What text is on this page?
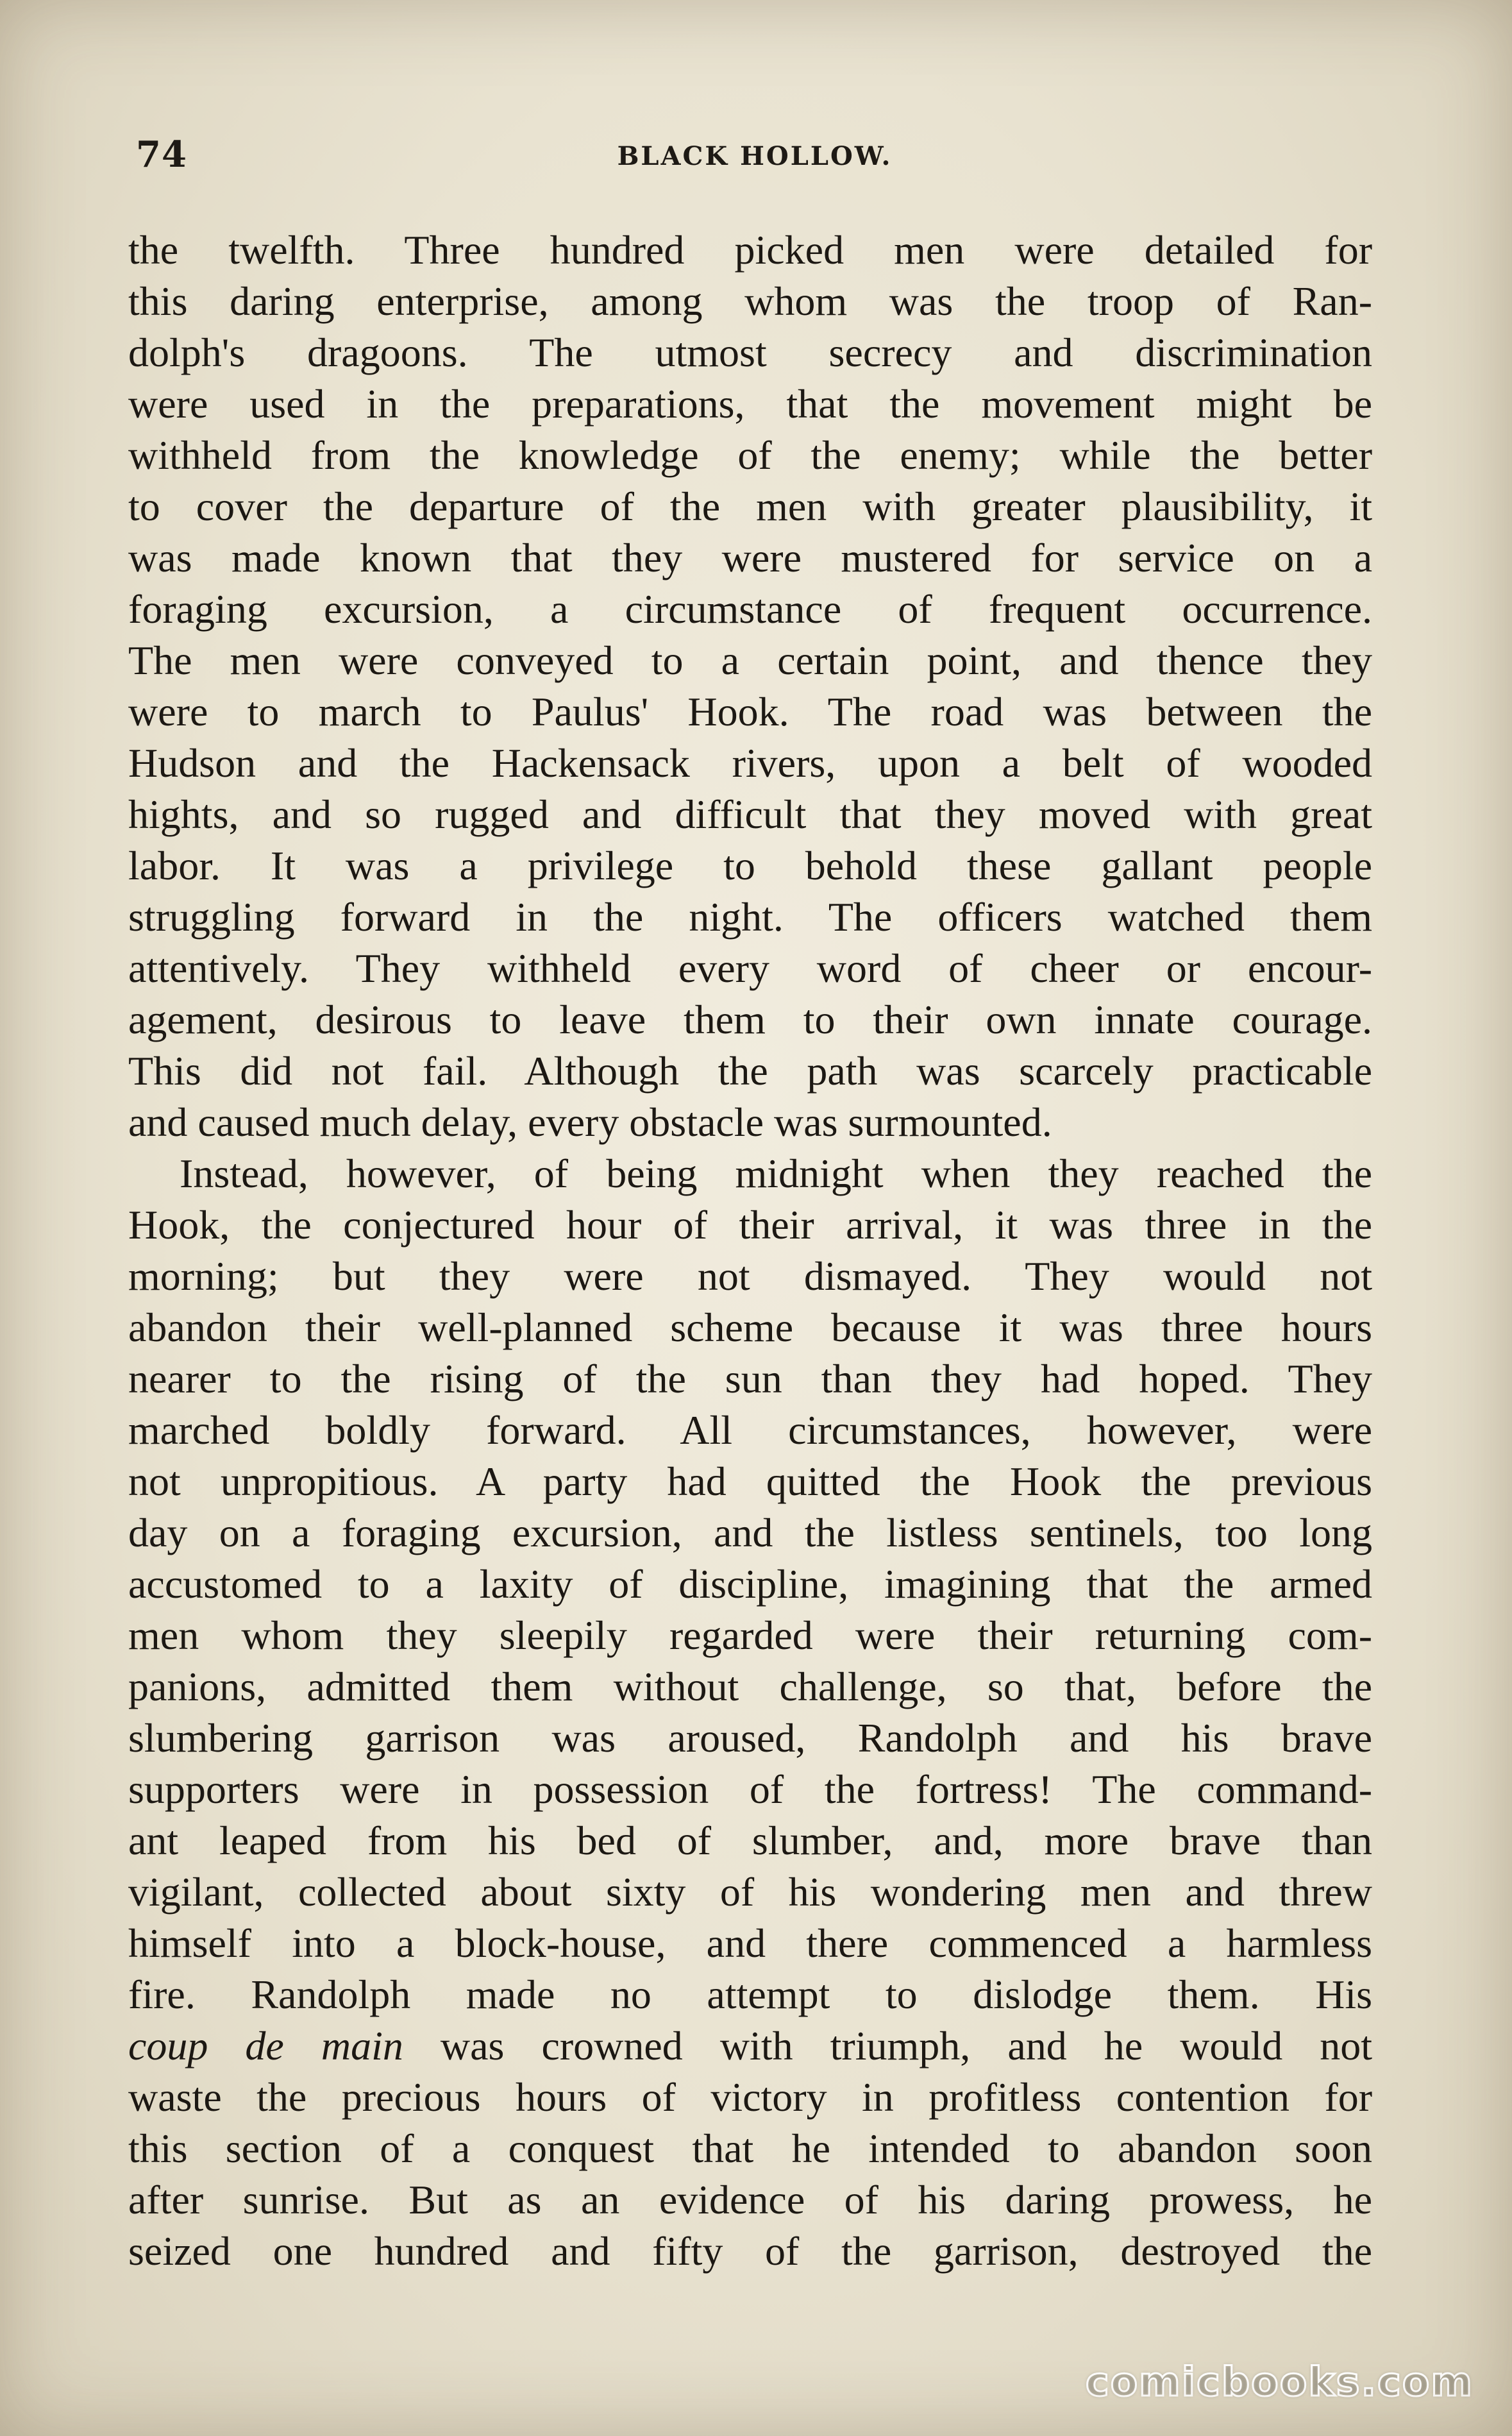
74	BLACK HOLLOW.
the twelfth. Three hundred picked men were detailed for
this daring enterprise, among whom was the troop of Ran-
dolph's dragoons. The utmost secrecy and discrimination
were used in the preparations, that the movement might be
withheld from the knowledge of the enemy; while the better
to cover the departure of the men with greater plausibility, it
was made known that they were mustered for service on a
foraging excursion, a circumstance of frequent occurrence.
The men were conveyed to a certain point, and thence they
were to march to Paulus' Hook. The road was between the
Hudson and the Hackensack rivers, upon a belt of wooded
hights, and so rugged and difficult that they moved with great
labor. It was a privilege to behold these gallant people
struggling forward in the night. The officers watched them
attentively. They withheld every word of cheer or encour-
agement, desirous to leave them to their own innate courage.
This did not fail. Although the path was scarcely practicable
and caused much delay, every obstacle was surmounted.
Instead, however, of being midnight when they reached the
Hook, the conjectured hour of their arrival, it was three in the
morning; but they were not dismayed. They would not
abandon their well-planned scheme because it was three hours
nearer to the rising of the sun than they had hoped. They
marched boldly forward. All circumstances, however, were
not unpropitious. A party had quitted the Hook the previous
day on a foraging excursion, and the listless sentinels, too long
accustomed to a laxity of discipline, imagining that the armed
men whom they sleepily regarded were their returning com-
panions, admitted them without challenge, so that, before the
slumbering garrison was aroused, Randolph and his brave
supporters were in possession of the fortress! The command-
ant leaped from his bed of slumber, and, more brave than
vigilant, collected about sixty of his wondering men and threw
himself into a block-house, and there commenced a harmless
fire. Randolph made no attempt to dislodge them. His
coup de main was crowned with triumph, and he would not
waste the precious hours of victory in profitless contention for
this section of a conquest that he intended to abandon soon
after sunrise. But as an evidence of his daring prowess, he
seized one hundred and fifty of the garrison, destroyed the
comicbooks.com
